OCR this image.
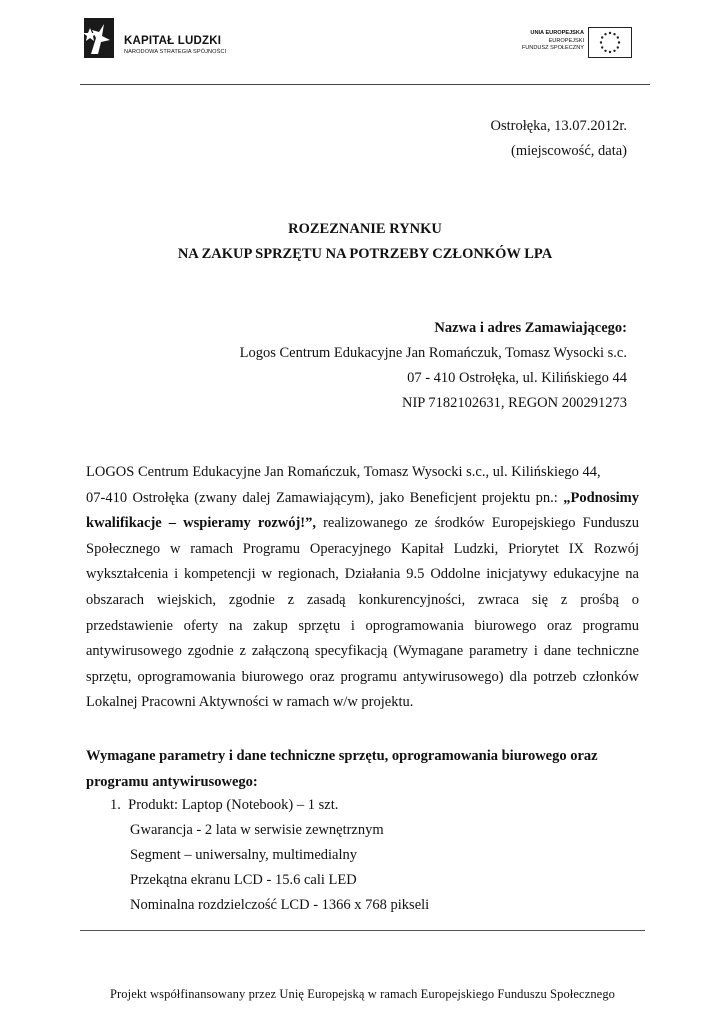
KAPITAŁ LUDZKI
NARODOWA STRATEGIA SPÓJNOŚCI
UNIA EUROPEJSKA
EUROPEJSKI
FUNDUSZ SPOŁECZNY
Ostrołęka, 13.07.2012r.
(miejscowość, data)
ROZEZNANIE RYNKU
NA ZAKUP SPRZĘTU NA POTRZEBY CZŁONKÓW LPA
Nazwa i adres Zamawiającego:
Logos Centrum Edukacyjne Jan Romańczuk, Tomasz Wysocki s.c.
07 - 410 Ostrołęka, ul. Kilińskiego 44
NIP 7182102631, REGON 200291273
LOGOS Centrum Edukacyjne Jan Romańczuk, Tomasz Wysocki s.c., ul. Kilińskiego 44,
07-410 Ostrołęka (zwany dalej Zamawiającym), jako Beneficjent projektu pn.: „Podnosimy
kwalifikacje – wspieramy rozwój!”, realizowanego ze środków Europejskiego Funduszu
Społecznego w ramach Programu Operacyjnego Kapitał Ludzki, Priorytet IX Rozwój
wykształcenia i kompetencji w regionach, Działania 9.5 Oddolne inicjatywy edukacyjne na
obszarach wiejskich, zgodnie z zasadą konkurencyjności, zwraca się z prośbą o
przedstawienie oferty na zakup sprzętu i oprogramowania biurowego oraz programu
antywirusowego zgodnie z załączoną specyfikacją (Wymagane parametry i dane techniczne
sprzętu, oprogramowania biurowego oraz programu antywirusowego) dla potrzeb członków
Lokalnej Pracowni Aktywności w ramach w/w projektu.
Wymagane parametry i dane techniczne sprzętu, oprogramowania biurowego oraz
programu antywirusowego:
1. Produkt: Laptop (Notebook) – 1 szt.
Gwarancja - 2 lata w serwisie zewnętrznym
Segment – uniwersalny, multimedialny
Przekątna ekranu LCD - 15.6 cali LED
Nominalna rozdzielczość LCD - 1366 x 768 pikseli
Projekt współfinansowany przez Unię Europejską w ramach Europejskiego Funduszu Społecznego
